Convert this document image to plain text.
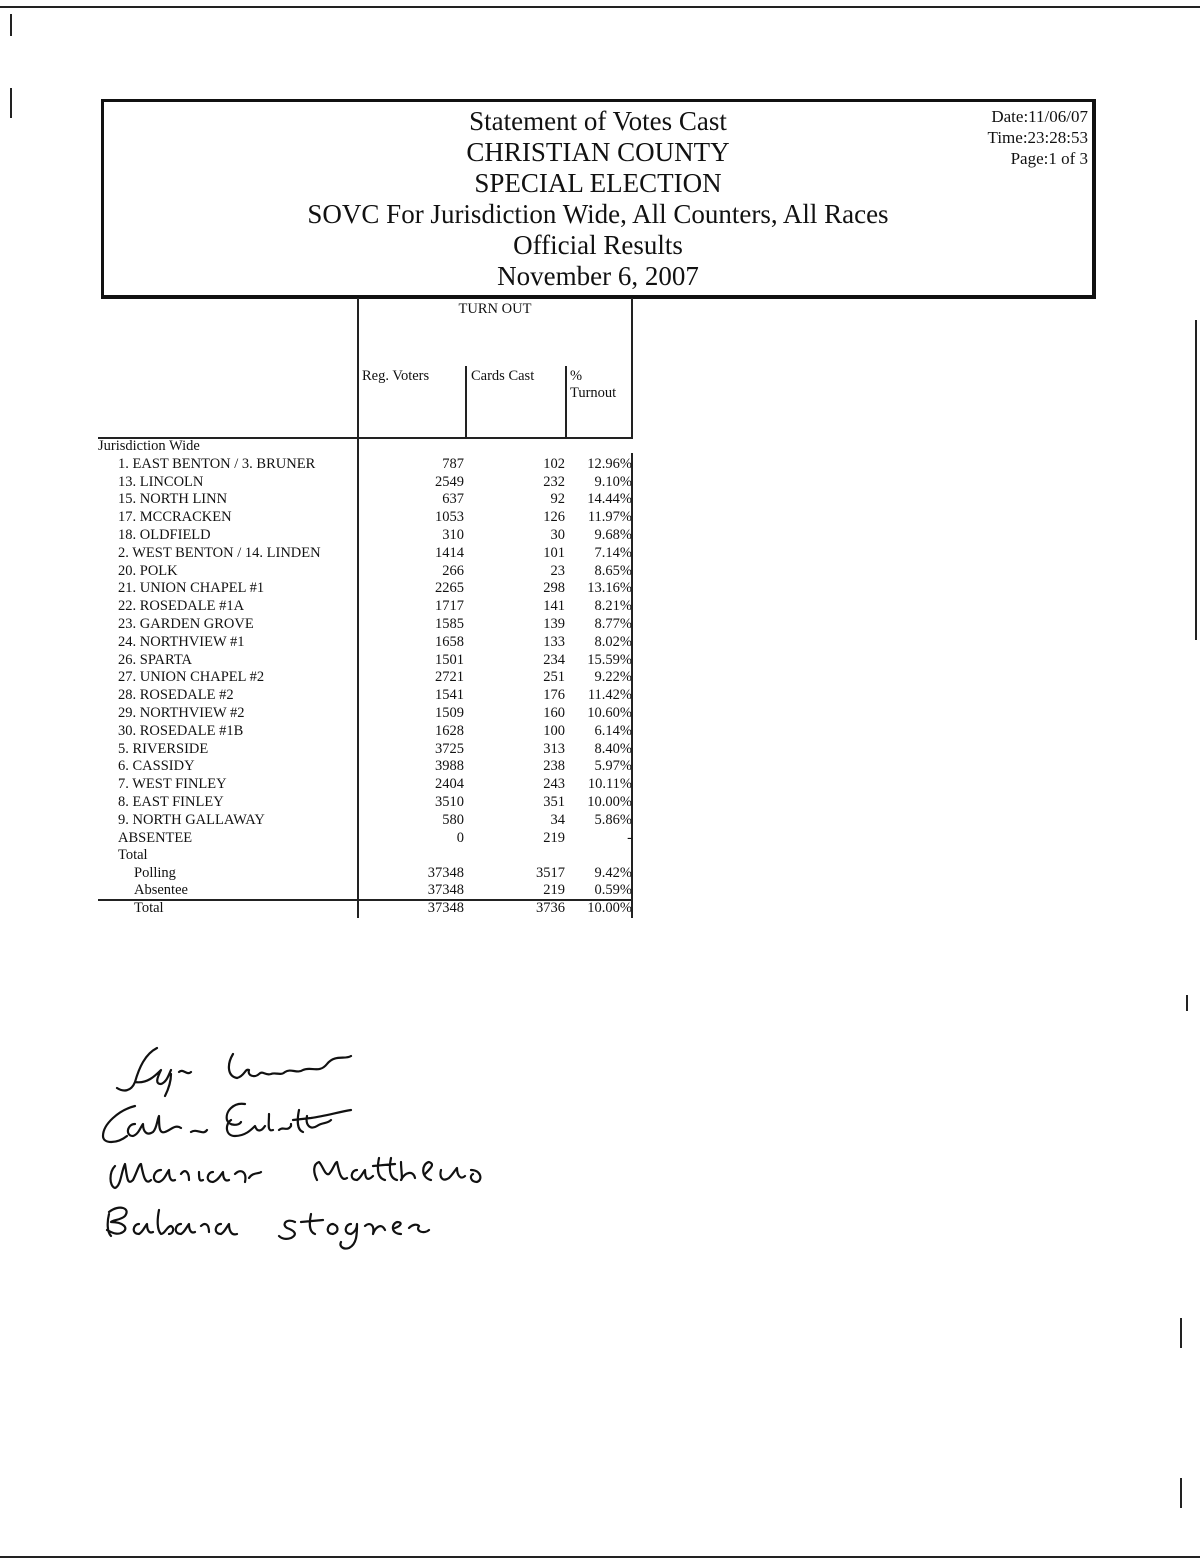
Statement of Votes Cast
CHRISTIAN COUNTY
SPECIAL ELECTION
SOVC For Jurisdiction Wide, All Counters, All Races
Official Results
November 6, 2007
Date:11/06/07
Time:23:28:53
Page:1 of 3
TURN OUT
Reg. Voters	Cards Cast %
Turnout
Jurisdiction Wide
1. EAST BENTON / 3. BRUNER	787	102 12.96%
13. LINCOLN	2549	232 9.10%
15. NORTH LINN	637	92 14.44%
17. MCCRACKEN	1053	126 11.97%
18. OLDFIELD	310	30 9.68%
2. WEST BENTON / 14. LINDEN	1414	101 7.14%
20. POLK	266	23 8.65%
21. UNION CHAPEL #1	2265	298 13.16%
22. ROSEDALE #1A	1717	141 8.21%
23. GARDEN GROVE	1585	139 8.77%
24. NORTHVIEW #1	1658	133 8.02%
26. SPARTA	1501	234 15.59%
27. UNION CHAPEL #2	2721	251 9.22%
28. ROSEDALE #2	1541	176 11.42%
29. NORTHVIEW #2	1509	160 10.60%
30. ROSEDALE #1B	1628	100 6.14%
5. RIVERSIDE	3725	313 8.40%
6. CASSIDY	3988	238 5.97%
7. WEST FINLEY	2404	243 10.11%
8. EAST FINLEY	3510	351 10.00%
9. NORTH GALLAWAY	580	34 5.86%
ABSENTEE	0	219	-
Total
Polling	37348	3517 9.42%
Absentee	37348	219 0.59%
Total	37348	3736 10.00%
